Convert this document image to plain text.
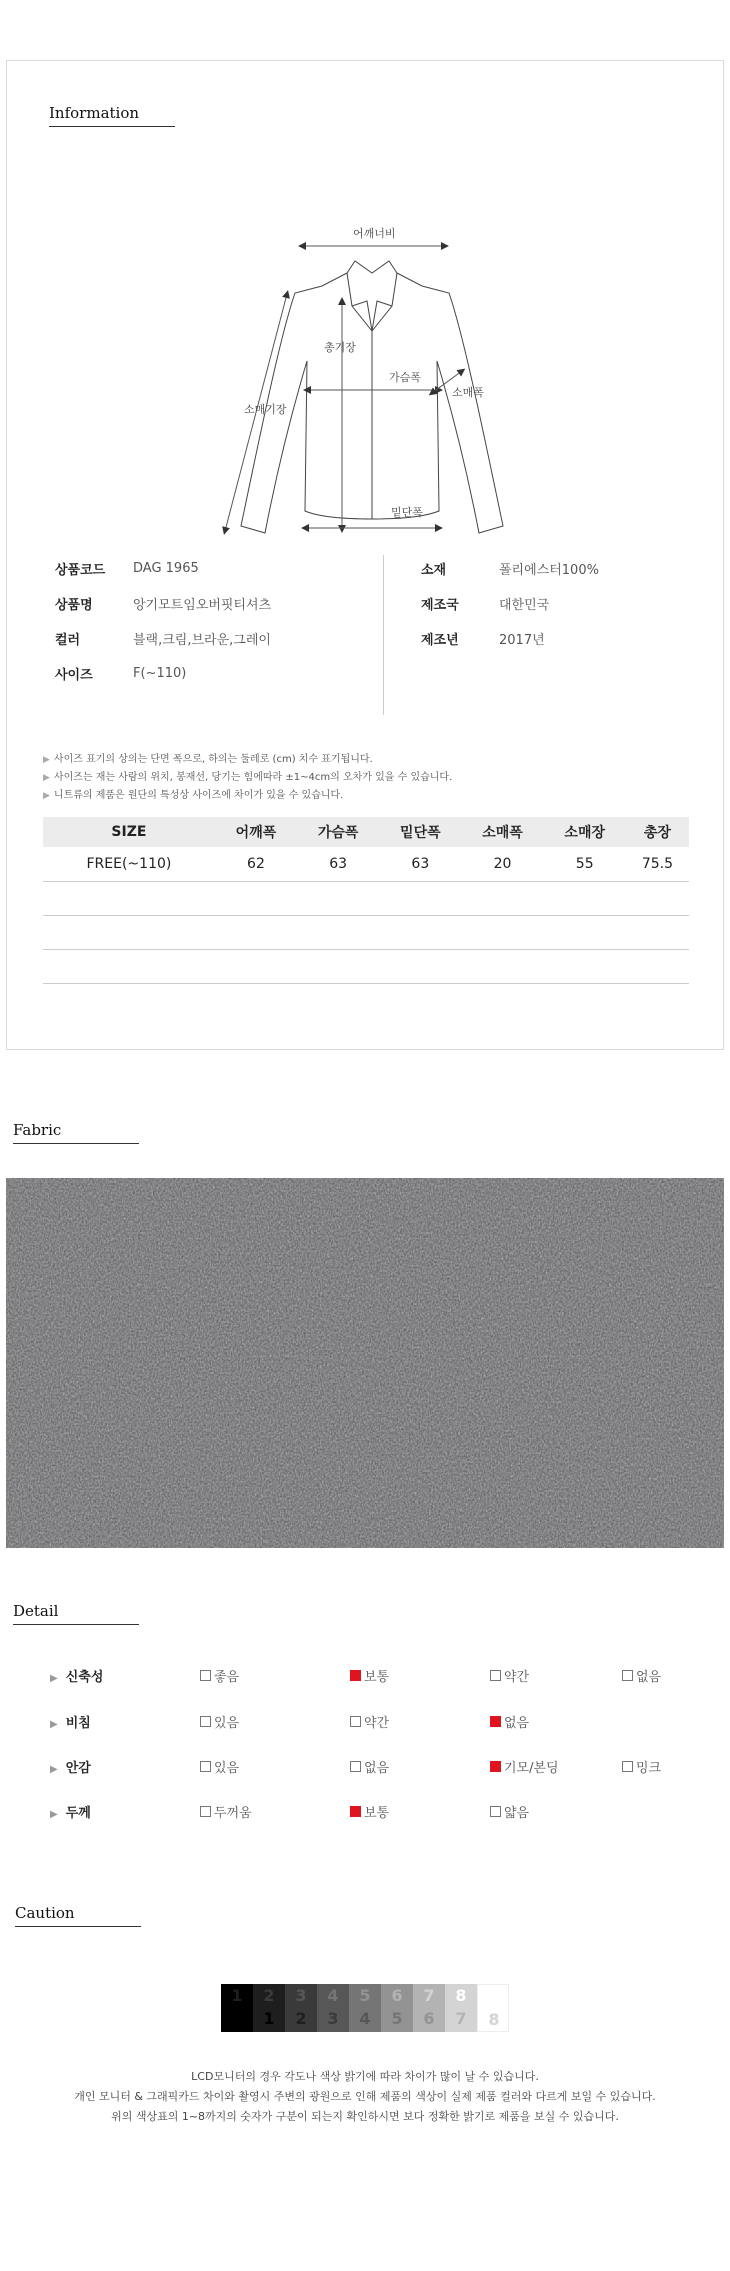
Information
어깨너비
총기장
가슴폭
소매폭
소매기장
밑단폭
상품코드	DAG 1965
상품명	앙기모트임오버핏티셔츠
컬러	블랙,크림,브라운,그레이
사이즈	F(~110)
소재	폴리에스터100%
제조국	대한민국
제조년	2017년
▶ 사이즈 표기의 상의는 단면 폭으로, 하의는 둘레로 (cm) 치수 표기됩니다.
▶ 사이즈는 재는 사람의 위치, 봉재선, 당기는 힘에따라 ±1~4cm의 오차가 있을 수 있습니다.
▶ 니트류의 제품은 원단의 특성상 사이즈에 차이가 있을 수 있습니다.
SIZE	어깨폭	가슴폭	밑단폭	소매폭	소매장	총장
FREE(~110)	62	63	63	20	55	75.5

Fabric
Detail
▶ 신축성	좋음	보통	약간	없음
▶ 비침	있음	약간	없음
▶ 안감	있음	없음	기모/본딩	밍크
▶ 두께	두꺼움	보통	얇음
Caution
1	2
1
3
2
4
3
5
4
6
5
7
6
8
7	8
LCD모니터의 경우 각도나 색상 밝기에 따라 차이가 많이 날 수 있습니다.
개인 모니터 & 그래픽카드 차이와 촬영시 주변의 광원으로 인해 제품의 색상이 실제 제품 컬러와 다르게 보일 수 있습니다.
위의 색상표의 1~8까지의 숫자가 구분이 되는지 확인하시면 보다 정확한 밝기로 제품을 보실 수 있습니다.
